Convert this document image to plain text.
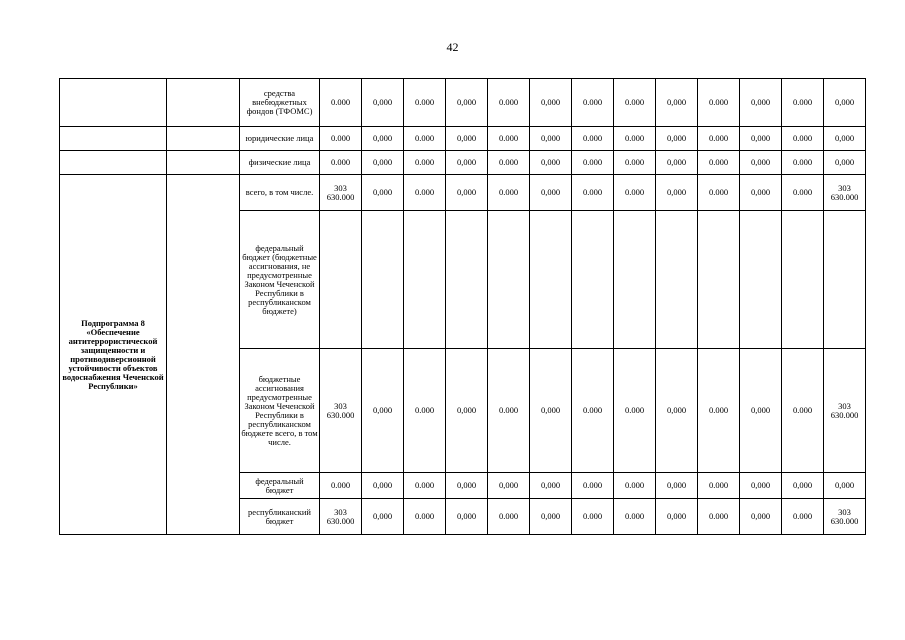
42
		средства внебюджетных фондов (ТФОМС)	0.000	0,000	0.000	0,000	0.000	0,000	0.000	0.000	0,000	0.000	0,000	0.000	0,000
		юридические лица	0.000	0,000	0.000	0,000	0.000	0,000	0.000	0.000	0,000	0.000	0,000	0.000	0,000
		физические лица	0.000	0,000	0.000	0,000	0.000	0,000	0.000	0.000	0,000	0.000	0,000	0.000	0,000
Подпрограмма 8 «Обеспечение антитеррористической защищенности и противодиверсионной устойчивости объектов водоснабжения Чеченской Республики»		всего, в том числе.	303 630.000	0,000	0.000	0,000	0.000	0,000	0.000	0.000	0,000	0.000	0,000	0.000	303 630.000
		федеральный бюджет (бюджетные ассигнования, не предусмотренные Законом Чеченской Республики в республиканском бюджете)													
		бюджетные ассигнования предусмотренные Законом Чеченской Республики в республиканском бюджете всего, в том числе.	303 630.000	0,000	0.000	0,000	0.000	0,000	0.000	0.000	0,000	0.000	0,000	0.000	303 630.000
		федеральный бюджет	0.000	0,000	0.000	0,000	0,000	0,000	0.000	0.000	0,000	0.000	0,000	0,000	0,000
		республиканский бюджет	303 630.000	0,000	0.000	0,000	0.000	0,000	0.000	0.000	0,000	0.000	0,000	0.000	303 630.000
